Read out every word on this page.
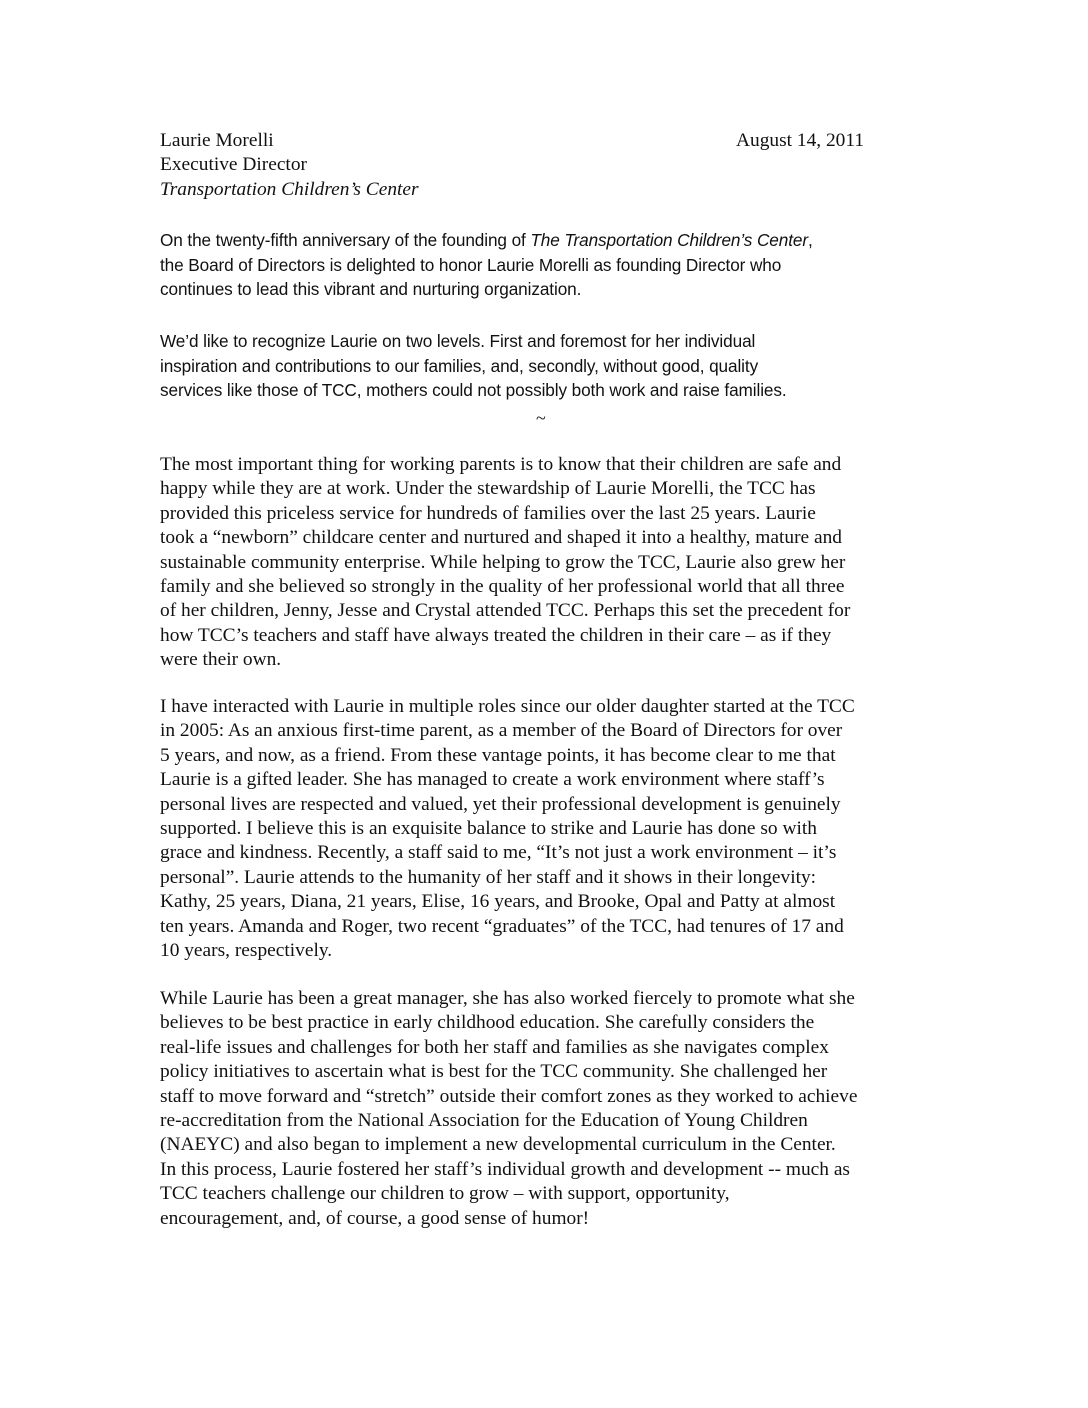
Laurie Morelli
Executive Director
Transportation Children’s Center
August 14, 2011
On the twenty-fifth anniversary of the founding of The Transportation Children’s Center,
the Board of Directors is delighted to honor Laurie Morelli as founding Director who
continues to lead this vibrant and nurturing organization.
We’d like to recognize Laurie on two levels. First and foremost for her individual
inspiration and contributions to our families, and, secondly, without good, quality
services like those of TCC, mothers could not possibly both work and raise families.
~
The most important thing for working parents is to know that their children are safe and
happy while they are at work. Under the stewardship of Laurie Morelli, the TCC has
provided this priceless service for hundreds of families over the last 25 years. Laurie
took a “newborn” childcare center and nurtured and shaped it into a healthy, mature and
sustainable community enterprise. While helping to grow the TCC, Laurie also grew her
family and she believed so strongly in the quality of her professional world that all three
of her children, Jenny, Jesse and Crystal attended TCC. Perhaps this set the precedent for
how TCC’s teachers and staff have always treated the children in their care – as if they
were their own.
I have interacted with Laurie in multiple roles since our older daughter started at the TCC
in 2005: As an anxious first-time parent, as a member of the Board of Directors for over
5 years, and now, as a friend. From these vantage points, it has become clear to me that
Laurie is a gifted leader. She has managed to create a work environment where staff’s
personal lives are respected and valued, yet their professional development is genuinely
supported. I believe this is an exquisite balance to strike and Laurie has done so with
grace and kindness. Recently, a staff said to me, “It’s not just a work environment – it’s
personal”. Laurie attends to the humanity of her staff and it shows in their longevity:
Kathy, 25 years, Diana, 21 years, Elise, 16 years, and Brooke, Opal and Patty at almost
ten years. Amanda and Roger, two recent “graduates” of the TCC, had tenures of 17 and
10 years, respectively.
While Laurie has been a great manager, she has also worked fiercely to promote what she
believes to be best practice in early childhood education. She carefully considers the
real-life issues and challenges for both her staff and families as she navigates complex
policy initiatives to ascertain what is best for the TCC community. She challenged her
staff to move forward and “stretch” outside their comfort zones as they worked to achieve
re-accreditation from the National Association for the Education of Young Children
(NAEYC) and also began to implement a new developmental curriculum in the Center.
In this process, Laurie fostered her staff’s individual growth and development -- much as
TCC teachers challenge our children to grow – with support, opportunity,
encouragement, and, of course, a good sense of humor!
